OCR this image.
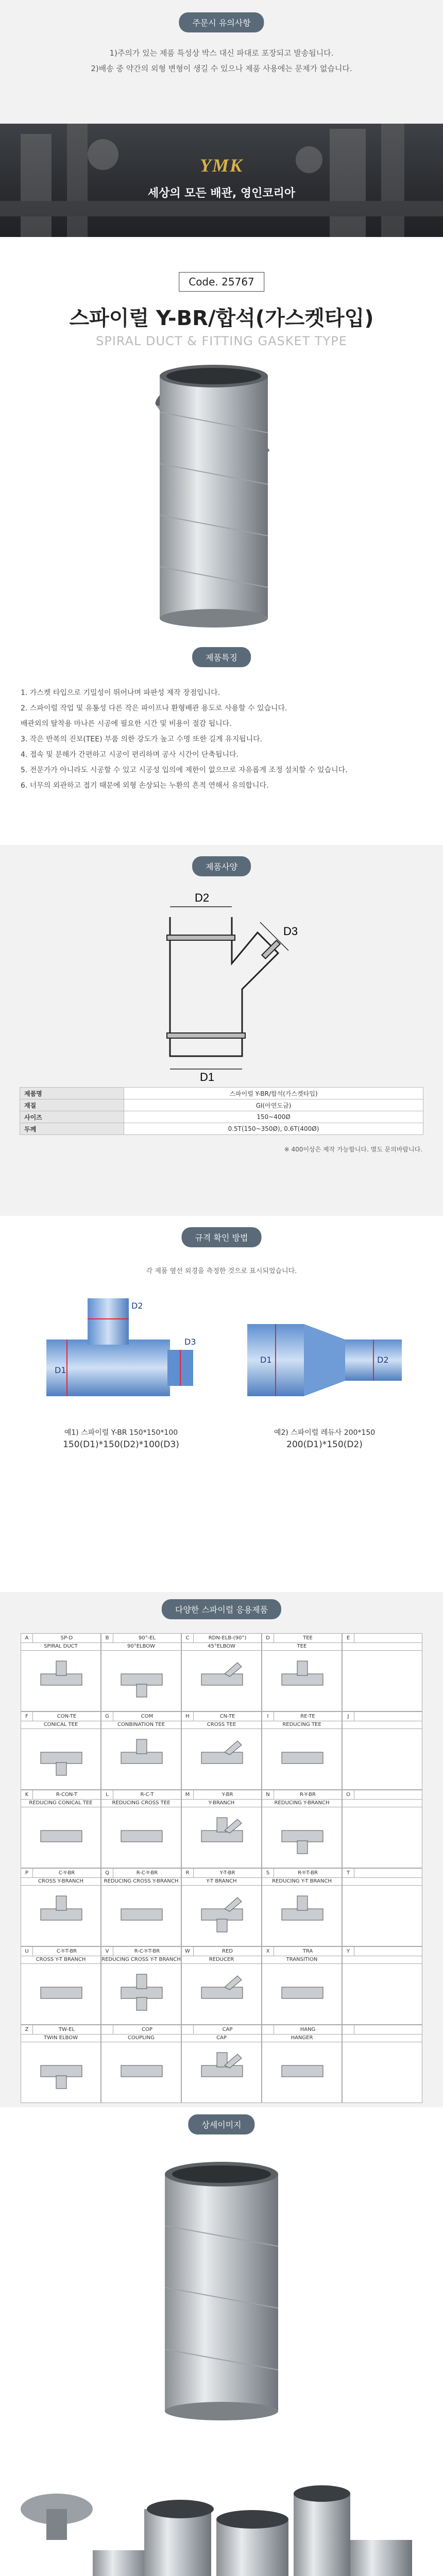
주문시 유의사항

1)주의가 있는 제품 특성상 박스 대신 파대로 포장되고 발송됩니다.

2)배송 중 약간의 외형 변형이 생길 수 있으나 제품 사용에는 문제가 없습니다.

YMK
세상의 모든 배관, 영인코리아
Code. 25767
스파이럴 Y-BR/합석(가스켓타입)
SPIRAL DUCT & FITTING GASKET TYPE
제품특징
1. 가스켓 타입으로 기밀성이 뛰어나며 파판성 제작 장점입니다.
2. 스파이럴 작업 및 유통성 다른 작은 파이프나 환형배관 용도로 사용할 수 있습니다.
배관외의 탈착용 마나른 시공에 필요한 시간 및 비용이 절감 됩니다.
3. 작은 반복의 진보(TEE) 부품 의한 강도가 높고 수명 또한 길게 유지됩니다.
4. 접속 및 분해가 간편하고 시공이 편리하며 공사 시간이 단축됩니다.
5. 전문가가 아니라도 시공할 수 있고 시공성 입의에 제한이 없으므로 자유롭게 조정 설치할 수 있습니다.
6. 너무의 외관하고 접기 때문에 외형 손상되는 누환의 흔적 연해서 유의합니다.
제품사양
D2
D3
D1
제품명	스파이럴 Y-BR/합석(가스켓타입)
재질	GI(아연도금)
사이즈	150~400Ø
두께	0.5T(150~350Ø), 0.6T(400Ø)
※ 400이상은 제작 가능합니다. 별도 문의바랍니다.
규격 확인 방법
각 제품 옆선 외경을 측정한 것으로 표시되었습니다.
D1
D2
D3
D1	D2
예1) 스파이럴 Y-BR 150*150*100
150(D1)*150(D2)*100(D3)
예2) 스파이럴 레듀사 200*150
200(D1)*150(D2)
다양한 스파이럴 응용제품
A	SP-D
SPIRAL DUCT
B	90°-EL
90°ELBOW
C	RDN-ELB-(90°)
45°ELBOW
D	TEE
TEE
E
F	CON-TE
CONICAL TEE
G	COM
CONBINATION TEE
H	CN-TE
CROSS TEE
I	RE-TE
REDUCING TEE
J
K	R-CON-T
REDUCING CONICAL TEE
L	R-C-T
REDUCING CROSS TEE
M	Y-BR
Y-BRANCH
N	R-Y-BR
REDUCING Y-BRANCH
O
P	C-Y-BR
CROSS Y-BRANCH
Q	R-C-Y-BR
REDUCING CROSS Y-BRANCH
R	Y-T-BR
Y-T BRANCH
S	R-Y-T-BR
REDUCING Y-T BRANCH
T
U	C-Y-T-BR
CROSS Y-T BRANCH
V	R-C-Y-T-BR
REDUCING CROSS Y-T BRANCH
W	RED
REDUCER
X	TRA
TRANSITION
Y
Z	TW-EL
TWIN ELBOW
COP
COUPLING
CAP
CAP
HANG
HANGER
상세이미지
